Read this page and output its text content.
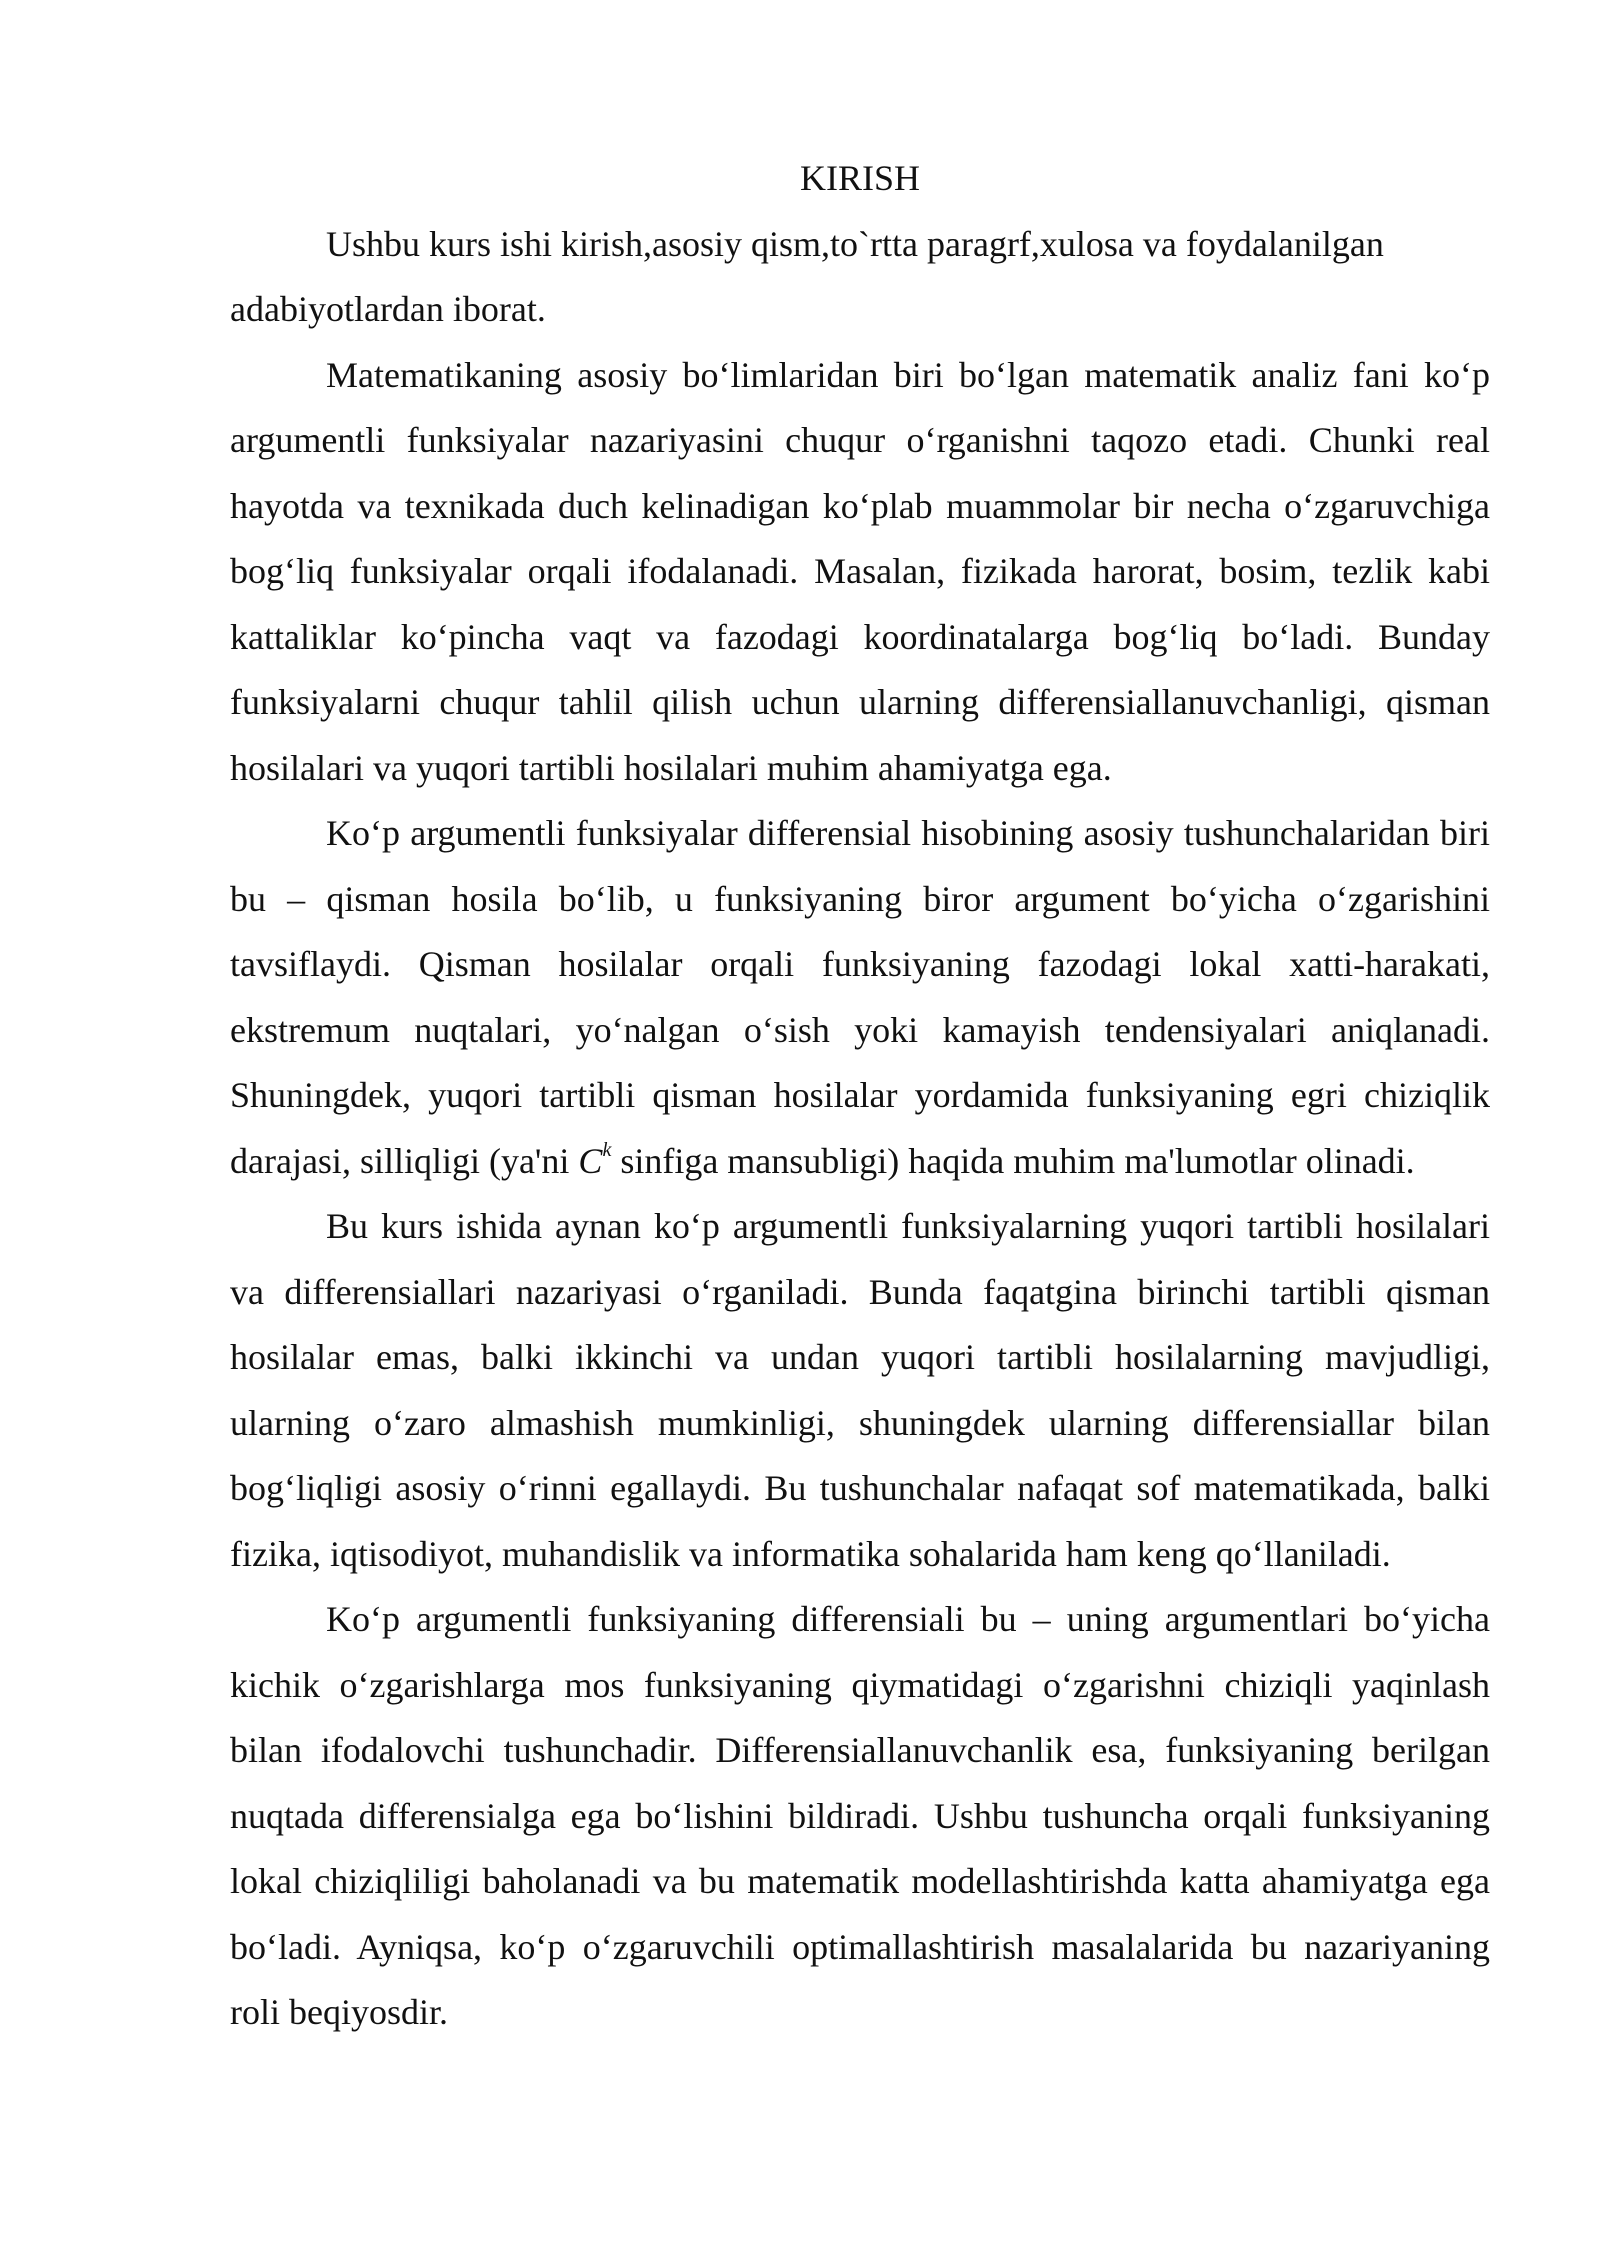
KIRISH

Ushbu kurs ishi kirish,asosiy qism,to`rtta paragrf,xulosa va foydalanilgan adabiyotlardan iborat.

Matematikaning asosiy bo‘limlaridan biri bo‘lgan matematik analiz fani ko‘p argumentli funksiyalar nazariyasini chuqur o‘rganishni taqozo etadi. Chunki real hayotda va texnikada duch kelinadigan ko‘plab muammolar bir necha o‘zgaruvchiga bog‘liq funksiyalar orqali ifodalanadi. Masalan, fizikada harorat, bosim, tezlik kabi kattaliklar ko‘pincha vaqt va fazodagi koordinatalarga bog‘liq bo‘ladi. Bunday funksiyalarni chuqur tahlil qilish uchun ularning differensiallanuvchanligi, qisman hosilalari va yuqori tartibli hosilalari muhim ahamiyatga ega.

Ko‘p argumentli funksiyalar differensial hisobining asosiy tushunchalaridan biri bu – qisman hosila bo‘lib, u funksiyaning biror argument bo‘yicha o‘zgarishini tavsiflaydi. Qisman hosilalar orqali funksiyaning fazodagi lokal xatti-harakati, ekstremum nuqtalari, yo‘nalgan o‘sish yoki kamayish tendensiyalari aniqlanadi. Shuningdek, yuqori tartibli qisman hosilalar yordamida funksiyaning egri chiziqlik darajasi, silliqligi (ya'ni $C^k$ sinfiga mansubligi) haqida muhim ma'lumotlar olinadi.

Bu kurs ishida aynan ko‘p argumentli funksiyalarning yuqori tartibli hosilalari va differensiallari nazariyasi o‘rganiladi. Bunda faqatgina birinchi tartibli qisman hosilalar emas, balki ikkinchi va undan yuqori tartibli hosilalarning mavjudligi, ularning o‘zaro almashish mumkinligi, shuningdek ularning differensiallar bilan bog‘liqligi asosiy o‘rinni egallaydi. Bu tushunchalar nafaqat sof matematikada, balki fizika, iqtisodiyot, muhandislik va informatika sohalarida ham keng qo‘llaniladi.

Ko‘p argumentli funksiyaning differensiali bu – uning argumentlari bo‘yicha kichik o‘zgarishlarga mos funksiyaning qiymatidagi o‘zgarishni chiziqli yaqinlash bilan ifodalovchi tushunchadir. Differensiallanuvchanlik esa, funksiyaning berilgan nuqtada differensialga ega bo‘lishini bildiradi. Ushbu tushuncha orqali funksiyaning lokal chiziqliligi baholanadi va bu matematik modellashtirishda katta ahamiyatga ega bo‘ladi. Ayniqsa, ko‘p o‘zgaruvchili optimallashtirish masalalarida bu nazariyaning roli beqiyosdir.
